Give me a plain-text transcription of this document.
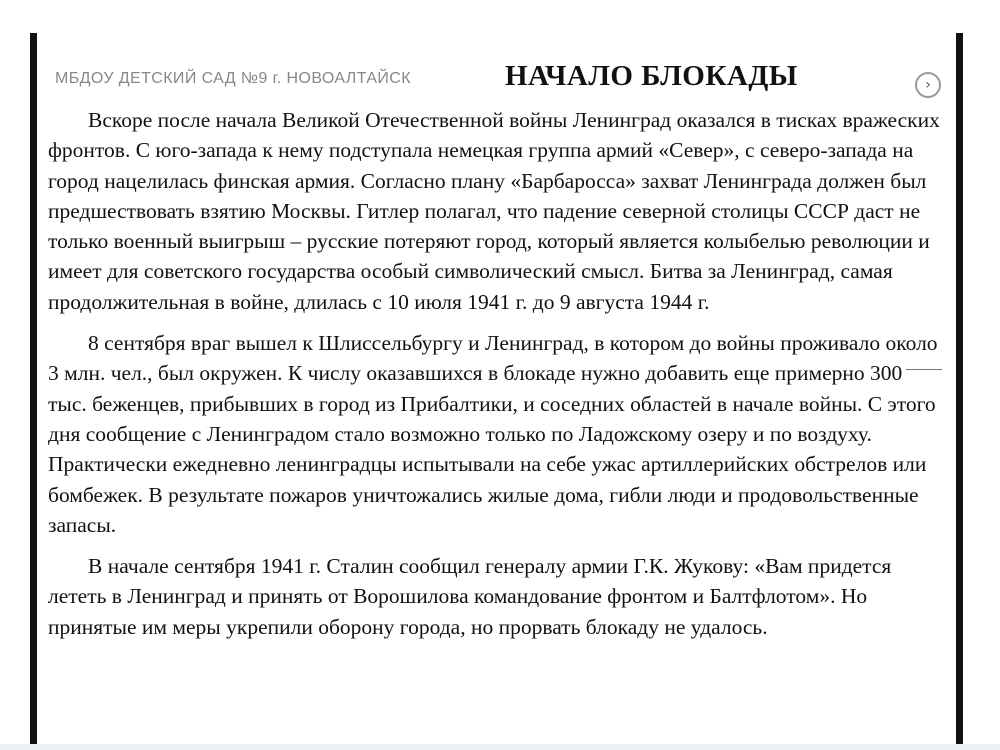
МБДОУ ДЕТСКИЙ САД №9 г. НОВОАЛТАЙСК	НАЧАЛО БЛОКАДЫ	›

Вскоре после начала Великой Отечественной войны Ленинград оказался в тисках вражеских фронтов. С юго-запада к нему подступала немецкая группа армий «Север», с северо-запада на город нацелилась финская армия. Согласно плану «Барбаросса» захват Ленинграда должен был предшествовать взятию Москвы. Гитлер полагал, что падение северной столицы СССР даст не только военный выигрыш – русские потеряют город, который является колыбелью революции и имеет для советского государства особый символический смысл. Битва за Ленинград, самая продолжительная в войне, длилась с 10 июля 1941 г. до 9 августа 1944 г.

8 сентября враг вышел к Шлиссельбургу и Ленинград, в котором до войны проживало около 3 млн. чел., был окружен. К числу оказавшихся в блокаде нужно добавить еще примерно 300 тыс. беженцев, прибывших в город из Прибалтики, и соседних областей в начале войны. С этого дня сообщение с Ленинградом стало возможно только по Ладожскому озеру и по воздуху. Практически ежедневно ленинградцы испытывали на себе ужас артиллерийских обстрелов или бомбежек. В результате пожаров уничтожались жилые дома, гибли люди и продовольственные запасы.

В начале сентября 1941 г. Сталин сообщил генералу армии Г.К. Жукову: «Вам придется лететь в Ленинград и принять от Ворошилова командование фронтом и Балтфлотом». Но принятые им меры укрепили оборону города, но прорвать блокаду не удалось.
